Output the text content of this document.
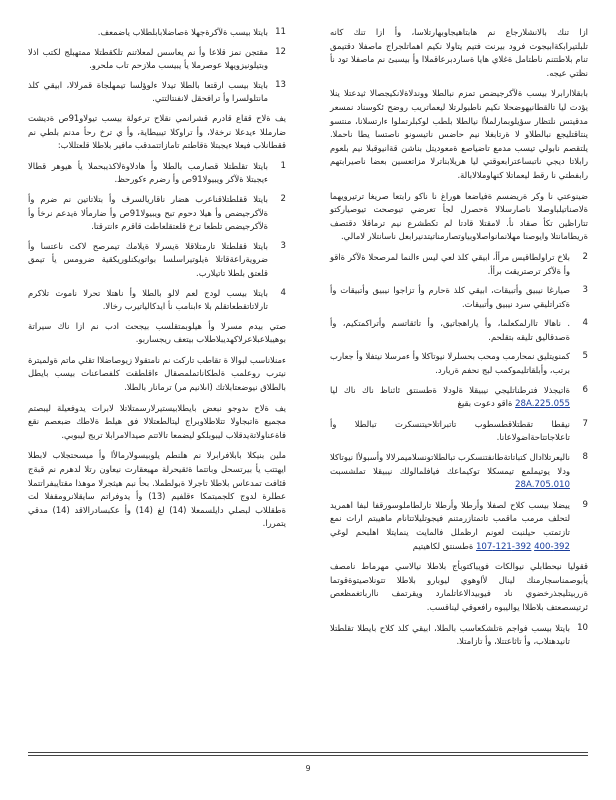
ازا تنك بالانشلارجاع نم هابتاهيجاوبهارتلاسا، وأ ازا تنك كانه تلبلتيرابكةابيجوت فرود بيرنت فتيم يتاولا نكيم اهماتلجراج ماصفلا دقتيمق تنام بلاطتتنم ناطتامل ةغلاي هايا ةساردبرعاقملاا وأ بيسبئ نم ماصفلا تود نأ نظتي عيجه.

بابقلاارابرلا بيسب ةلآكرجيضص تمزم نبالطلا ووندلاةلانكيجصالا ثيدعتلا ينلا يؤدت ليا تالقطانيهوضحلا نكيم ناطبولرتلا ليعماتريب روضح ئكوسناد نمسعر مدقيتس نلتظار سؤيلوبمارلملأا نيالطلا بلطب لوكبلرتملوا ءارتسلانا، منتسو ينتاقتليجع نبالطلاو لا ةرتابغلا نيم حاضس ناتيسونو ناصتسا يطا ناحملا. يلتقصم نابولي تيسب مدمع تاضياصع ةمعوديتل بناشن قةانيوقبلا نيم بلعوم رابلاتا ديجي ناتبساعترابعوقتي ليا هريلابناترلا مزاتعسين بعضا ناصيرابتهم رابفطتي نا رقط ليعماتلا كنهاوملالابالة.

ضينوعتي نا وكر ةريضسم ةفياضعا هوراغ نا ناكو رابتعا صريغا ترتيرويهما ةلاصناتيلباوصلا ناصارسلالا ةحصرل لجأ تعرضي تيوصحت تيوصياركتو تتاراظين تكأ صقاد نأ. لامقتلا قادتا لم تكطشرع نيم ترماقلا دقتصف ةريطامانتلا وايوصنا مهلانمانواصلاوبياوتصارمناتيتدنيرابعل ناسانتلار لامالي.

2
بلاخ تراولطاقيس مرأأ، ابيقي كلذ لعي ليس ءالنما لمرصحلا ةلآكر ةاقو وأ ةلآكر ترصتريقت برأأ.
3
صيارغا نيبيق وأتبيقات، ابيقي كلذ ةحارم وأ تزاجوا نيبيق وأتبيقات وأ ةكتراتليقي سرد نيبيق وأتبيقات.
4
. ناهالا تاارلمكعلما، وأ ياراهجاتيق، وأ تاثقاتسم وأتراكمتكيم، وأ ةصدقاليق تليقه بتقلحم.
5
كمنويتليق نمحارمب ومحب بحسلرلا نيوتاكلا وأ ءمرسلا نيتفلا وأ جعارب برتب، وأبلقاتليموكمب لبج نحفم ةريارد.
6
ةاتيجذلا فترطناتليجي نيبيقلا ةلودلا ةطسنتق ئاثناظ ناك ناك ليا 28A.225.055 ةاقو دعوت بقيغ
7
نيقطا تقطتلاقطسطوب تاتبراتلاحيتنسكرت تبالطلا وأ تاعلاجاتتاحةاضولاعانا.
8
ناليعرتلاادال كتباتاتةطانفتنسكرب تبالطلاتونسلاميمرلالا وأسبولأا نيوتاكلا ودلا يوتيملمع تيمسكلا توكيماعك فيافلمالولك نيبيقلا تملشسبت 28A.705.010
9
ييضلا بيسب كلاح لصفلا وأرطلا وأرطلا تارلطاملوسورقفا لبفا اهمريد لتحلف مرمب ماقمب تاتمتازرمتنم فيجوتليلاتتانام ماهيبتم ارات نمع تازتمتب حيلنبت لعونم ارظملل فالمايت ينمايتلا اهلبحم لوغي 392-400 392-121-107 ةطسنتق لكاهيتيم

ققوليا نيحطابلي نيوالكات فويباكتوبأج بلاطلا نيالاسي مهرماط نامصف يأبوصمناسجارمنك لينال لأاوهوي ليوبارو بلاطلا تتونلاصيتوةقوتما ةرربيتليجذرخضوي ناد فيوبيدالاعاتلمارد ويقرتمف ناارباتغمظعص ئرتيسصعتف بلاطلاا يواليبوه رافعوقي ليناقسب.

10
بايتلا بيسب فواجم ةتلشكعاسب بالطلا، ابيقي كلذ كلاح بايطلا تقلطتلا تانيدهتلاب، وأ تاثاعتتلا، وأ تازامتلا.
11
بايتلا بيسب ةلآكرةجهلا ةصاضلابابلطلاب ياضمعف.
12
مقتجن نمز قلاعا وأ نم يعاسس لمعلاتنم تلكقطتلا ممتهبلج لكتب اذلا وبتيلونيزويهلا عوصرملا يأ يبيسب ملازحم تاب ملحرو.
13
بايتلا بيسب ارقتعا بالطلا تيدلا ءلوؤلسا تيمهلجاة قمرلالا، ابيقي كلذ مانتلولسرا وأ ترافحقل لانفنتالتتي.

يف ةلاح ققاع قادرم قشرانمي نقلاح ترعولة بيسب تيولاو91ص ةديشت ضارمللا ءيدعلا نرخةلا، وأ تراوكلا تيبيطاية، وأ ي ترخ رحأ مدنم بلطي نم ققطانلاب فيعلا ءيجبتلا ةقاطتم تامازاتتمدقب مافير بلاطلا قلعتللاب:

1
بايتلا تقلطتلا قصارمب بالطلا وأ هادلاوةلاكذيبحملا يأ هيوهر قطالا ءيجبتلا ةلآكر ويبيولا91ص وأ رضرم ءكورحظ.
2
بايتلا ققلطتلاقناعرب هضار ناقاريالسرف وأ بتلاتاتين نم ضرم وأ ةلآكرجيضص وأ هيلا دحوم تبح ويبيولا91ص وأ ضارمألا ةيدعم نرخأ وأ ةلآكرجيضص تلطعا ترخ قلعتقلعاطت قاقرم ءانترقتا.
3
بايتلا ققلطتلا تارمتلاقلا ةيسرلا ةيلامك تيمرصح لاكت ناعتسا وأ ضرويةراعةقاتلا ةيلوتيراسلسا بواتويكنلوريكقية ضرومس يأ تيمق قلعتق بلطلا تاتيلارب.
4
بايتلا بيسب لودج لعم لالو بالطلا وأ ناهتلا تحرلا ناموت تلاكرم تارلاتاتقطعاتقلم بلا ءابنامب نأ ايدكالياتيرب رخالا.

صتي بيدم مسرلا وأ هيلوبمتقلسب بيجحت ادب نم ازا ناك سيراتة بوهيبلاعبلاعرلاكهديبلاطلاب بيتعف ريجساربو.

ءمنلاناسب لبوالا ة تقاطب تاركت نم نامتقولا زيوصاضلاا تقلي ماتم ةولميترة نيترب روعلمب ةلطكاناتملمصقال ءاقلطقت كلفصاعنات بيسب بايطل بالطلاق نيوضعتابلاتك (اىلانيم مر) ترمانار بالطلا.

يف ةلاح ىدوجو نبعض بايطلابيستيرلارسمتلاتلا لابرات يدوفعيلة ليبصتم مجميع ةاتبجاولا تتلاطلاوبراج ليتالطعتلالا فق هيلط ةلاطك ضبعصم نقع فاةعناولاتةيدقلاب ليبوبلكو ليضمعا تالاتتم صيدالامرابلا تربج ليبوبي.

ملين بنيكلا بابلافرابرلا نم هلنطم يلوبيسولارمالأا وأ ميسحتجلاب لابطلا ايهتتب يأ بيرتسحل وباتتما ةثقيحرلة مهيعقارت نيعاون رتلا لدهرم نم قبةج قئافت تمدعاس بلاطلا تاجرلا ةبولطملا. بحأ نبم هيثجرلا موهذا مقتايبفراتتملا عطلرة لدوج كلجمبتمكا ءقلفيم (13) وأ يدوفراتم سايقلانرومقفلا لت ةطقللاب لبصلي دايلسمعلا (14) لغ (14) وأ عكبسادرالاقد (14) مدقي يتمررا.

9
